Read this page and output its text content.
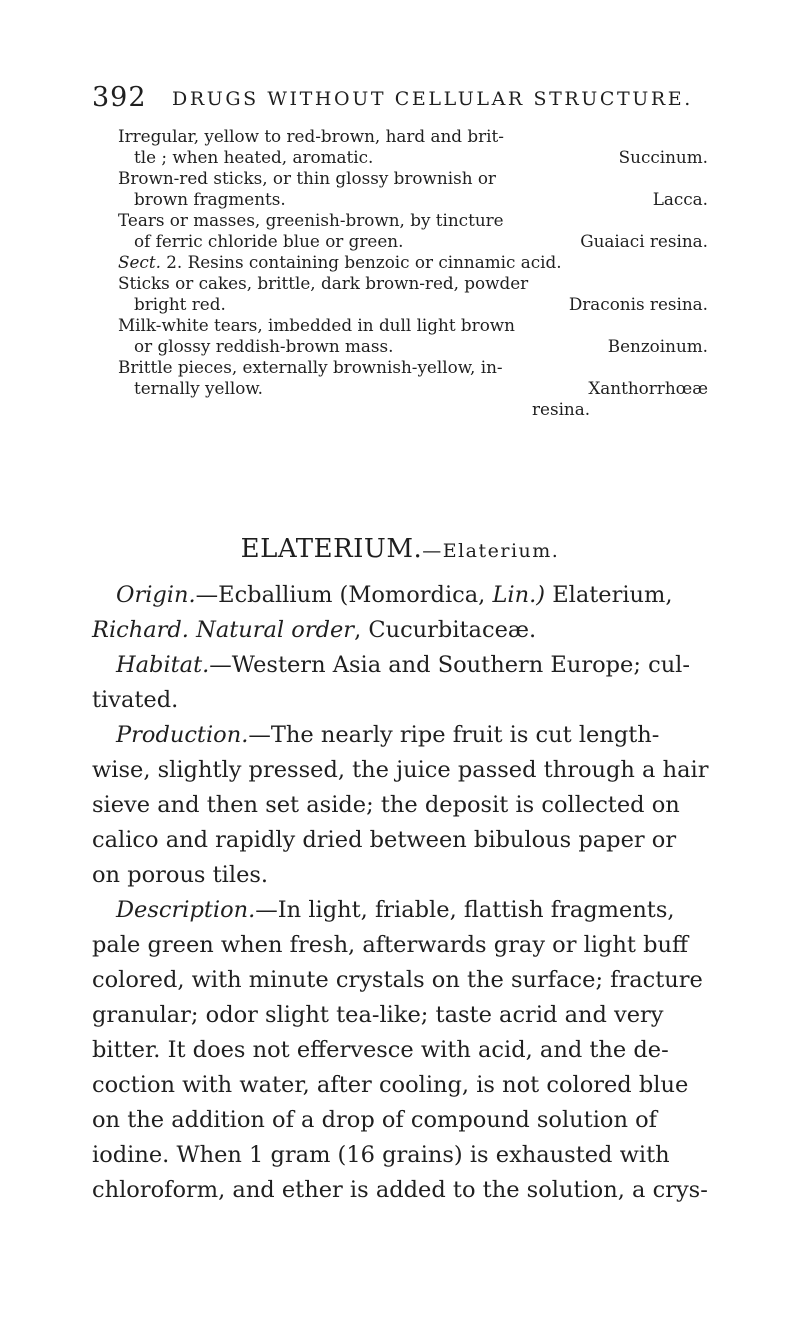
392 DRUGS WITHOUT CELLULAR STRUCTURE.
Irregular, yellow to red-brown, hard and brit-
tle ; when heated, aromatic.	Succinum.
Brown-red sticks, or thin glossy brownish or
brown fragments.	Lacca.
Tears or masses, greenish-brown, by tincture
of ferric chloride blue or green.	Guaiaci resina.
Sect. 2. Resins containing benzoic or cinnamic acid.
Sticks or cakes, brittle, dark brown-red, powder
bright red.	Draconis resina.
Milk-white tears, imbedded in dull light brown
or glossy reddish-brown mass.	Benzoinum.
Brittle pieces, externally brownish-yellow, in-
ternally yellow.	Xanthorrhœæ
resina.
ELATERIUM.—Elaterium.
Origin.—Ecballium (Momordica, Lin.) Elaterium,
Richard. Natural order, Cucurbitaceæ.
Habitat.—Western Asia and Southern Europe; cul-
tivated.
Production.—The nearly ripe fruit is cut length-
wise, slightly pressed, the juice passed through a hair
sieve and then set aside; the deposit is collected on
calico and rapidly dried between bibulous paper or
on porous tiles.
Description.—In light, friable, flattish fragments,
pale green when fresh, afterwards gray or light buff
colored, with minute crystals on the surface; fracture
granular; odor slight tea-like; taste acrid and very
bitter. It does not effervesce with acid, and the de-
coction with water, after cooling, is not colored blue
on the addition of a drop of compound solution of
iodine. When 1 gram (16 grains) is exhausted with
chloroform, and ether is added to the solution, a crys-
